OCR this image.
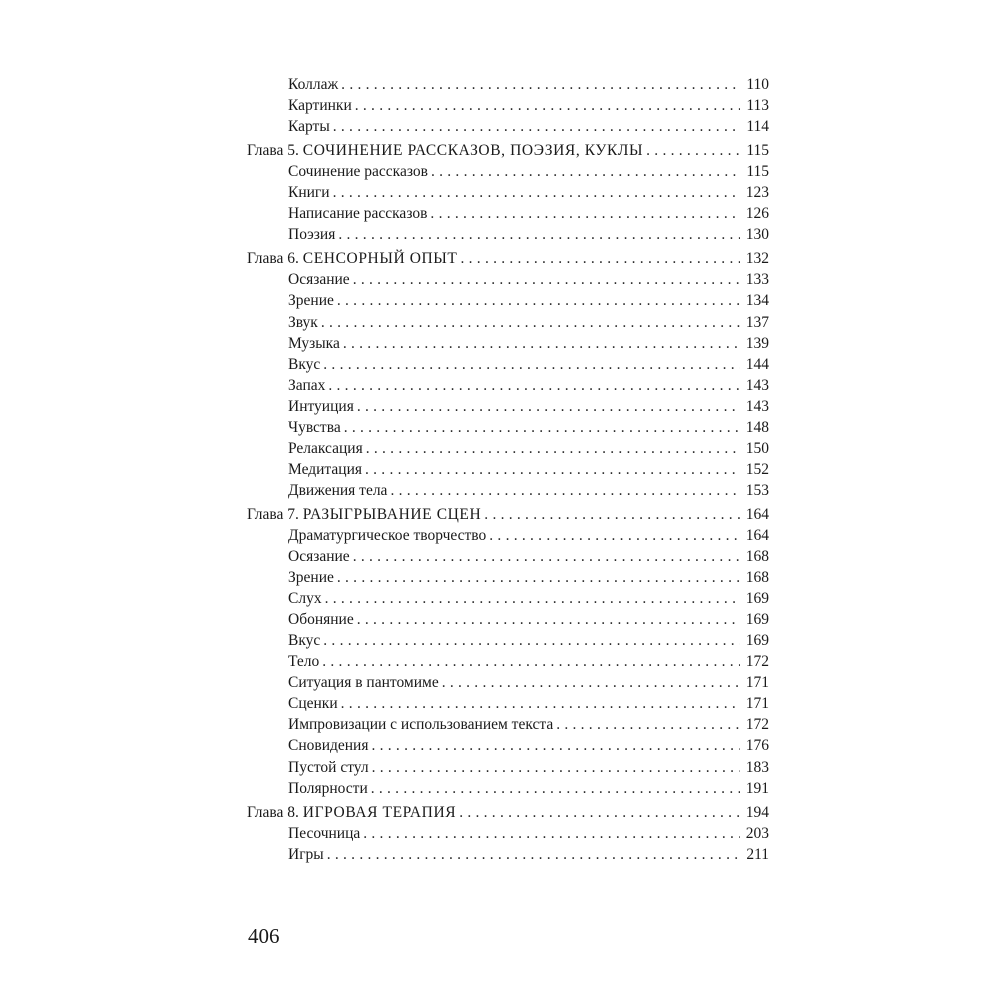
Коллаж . . .	110
Картинки . . .	113
Карты . . .	114
Глава 5. СОЧИНЕНИЕ РАССКАЗОВ, ПОЭЗИЯ, КУКЛЫ . . .	115
Сочинение рассказов . . .	115
Книги . . .	123
Написание рассказов . . .	126
Поэзия . . .	130
Глава 6. СЕНСОРНЫЙ ОПЫТ . . .	132
Осязание . . .	133
Зрение . . .	134
Звук . . .	137
Музыка . . .	139
Вкус . . .	144
Запах . . .	143
Интуиция . . .	143
Чувства . . .	148
Релаксация . . .	150
Медитация . . .	152
Движения тела . . .	153
Глава 7. РАЗЫГРЫВАНИЕ СЦЕН . . .	164
Драматургическое творчество . . .	164
Осязание . . .	168
Зрение . . .	168
Слух . . .	169
Обоняние . . .	169
Вкус . . .	169
Тело . . .	172
Ситуация в пантомиме . . .	171
Сценки . . .	171
Импровизации с использованием текста . . .	172
Сновидения . . .	176
Пустой стул . . .	183
Полярности . . .	191
Глава 8. ИГРОВАЯ ТЕРАПИЯ . . .	194
Песочница . . .	203
Игры . . .	211
406
